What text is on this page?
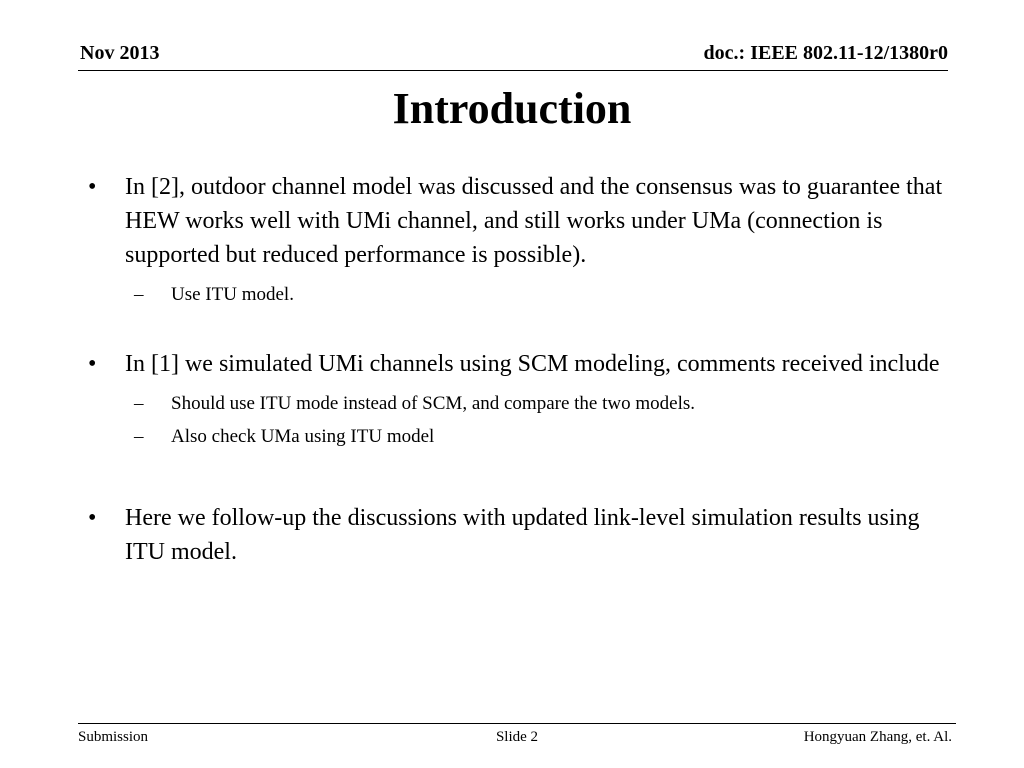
Nov 2013	doc.: IEEE 802.11-12/1380r0
Introduction
•	In [2], outdoor channel model was discussed and the consensus was to guarantee that HEW works well with UMi channel, and still works under UMa (connection is supported but reduced performance is possible).
– Use ITU model.
•	In [1] we simulated UMi channels using SCM modeling, comments received include
– Should use ITU mode instead of SCM, and compare the two models.
– Also check UMa using ITU model
•	Here we follow-up the discussions with updated link-level simulation results using ITU model.
Submission	Slide 2	Hongyuan Zhang, et. Al.
